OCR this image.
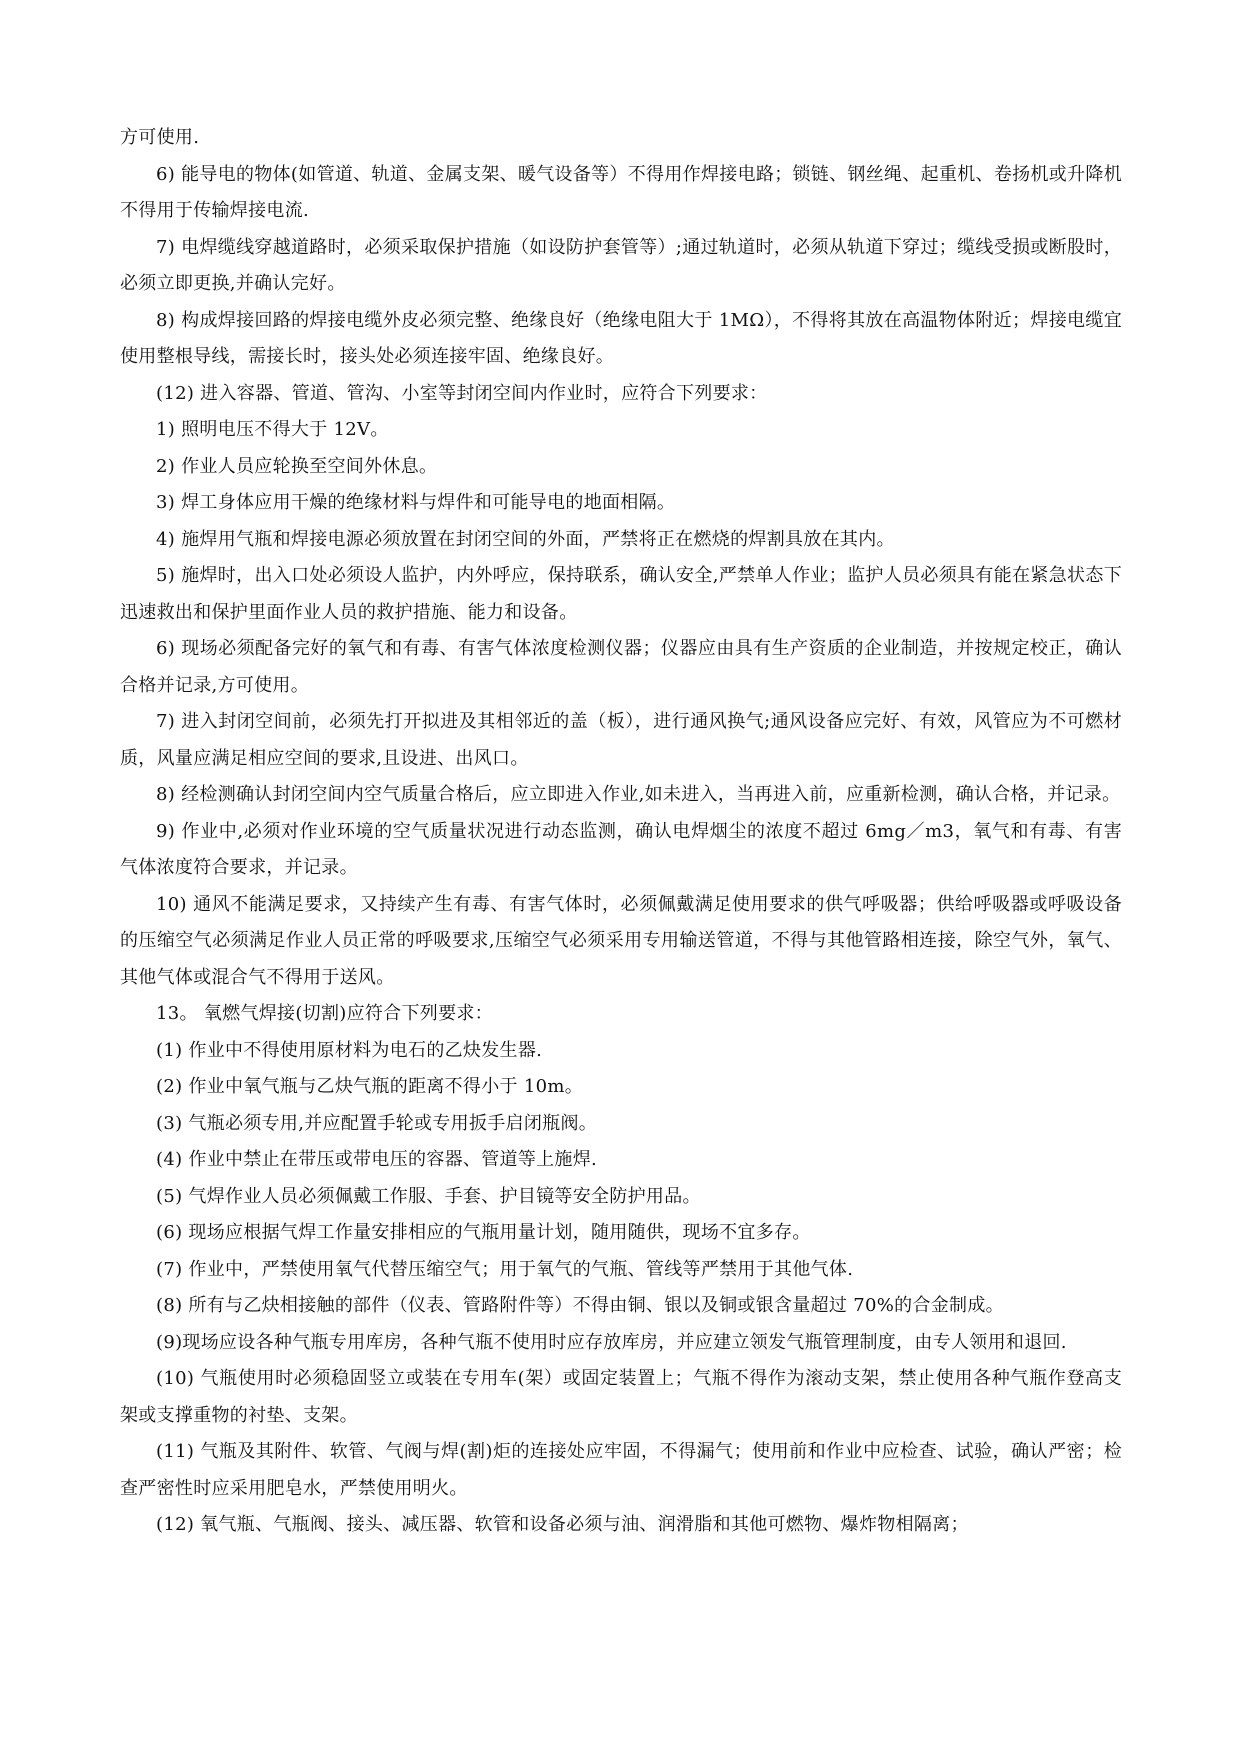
方可使用.

6) 能导电的物体(如管道、轨道、金属支架、暖气设备等）不得用作焊接电路；锁链、钢丝绳、起重机、卷扬机或升降机不得用于传输焊接电流.

7) 电焊缆线穿越道路时，必须采取保护措施（如设防护套管等）;通过轨道时，必须从轨道下穿过；缆线受损或断股时，必须立即更换,并确认完好。

8) 构成焊接回路的焊接电缆外皮必须完整、绝缘良好（绝缘电阻大于 1MΩ），不得将其放在高温物体附近；焊接电缆宜使用整根导线，需接长时，接头处必须连接牢固、绝缘良好。

(12) 进入容器、管道、管沟、小室等封闭空间内作业时，应符合下列要求：

1) 照明电压不得大于 12V。

2) 作业人员应轮换至空间外休息。

3) 焊工身体应用干燥的绝缘材料与焊件和可能导电的地面相隔。

4) 施焊用气瓶和焊接电源必须放置在封闭空间的外面，严禁将正在燃烧的焊割具放在其内。

5) 施焊时，出入口处必须设人监护，内外呼应，保持联系，确认安全,严禁单人作业；监护人员必须具有能在紧急状态下迅速救出和保护里面作业人员的救护措施、能力和设备。

6) 现场必须配备完好的氧气和有毒、有害气体浓度检测仪器；仪器应由具有生产资质的企业制造，并按规定校正，确认合格并记录,方可使用。

7) 进入封闭空间前，必须先打开拟进及其相邻近的盖（板），进行通风换气;通风设备应完好、有效，风管应为不可燃材质，风量应满足相应空间的要求,且设进、出风口。

8) 经检测确认封闭空间内空气质量合格后，应立即进入作业,如未进入，当再进入前，应重新检测，确认合格，并记录。

9) 作业中,必须对作业环境的空气质量状况进行动态监测，确认电焊烟尘的浓度不超过 6mg／m3，氧气和有毒、有害气体浓度符合要求，并记录。

10) 通风不能满足要求，又持续产生有毒、有害气体时，必须佩戴满足使用要求的供气呼吸器；供给呼吸器或呼吸设备的压缩空气必须满足作业人员正常的呼吸要求,压缩空气必须采用专用输送管道，不得与其他管路相连接，除空气外，氧气、其他气体或混合气不得用于送风。

13。 氧燃气焊接(切割)应符合下列要求：

(1) 作业中不得使用原材料为电石的乙炔发生器.

(2) 作业中氧气瓶与乙炔气瓶的距离不得小于 10m。

(3) 气瓶必须专用,并应配置手轮或专用扳手启闭瓶阀。

(4) 作业中禁止在带压或带电压的容器、管道等上施焊.

(5) 气焊作业人员必须佩戴工作服、手套、护目镜等安全防护用品。

(6) 现场应根据气焊工作量安排相应的气瓶用量计划，随用随供，现场不宜多存。

(7) 作业中，严禁使用氧气代替压缩空气；用于氧气的气瓶、管线等严禁用于其他气体.

(8) 所有与乙炔相接触的部件（仪表、管路附件等）不得由铜、银以及铜或银含量超过 70%的合金制成。

(9)现场应设各种气瓶专用库房，各种气瓶不使用时应存放库房，并应建立领发气瓶管理制度，由专人领用和退回.

(10) 气瓶使用时必须稳固竖立或装在专用车(架）或固定装置上；气瓶不得作为滚动支架，禁止使用各种气瓶作登高支架或支撑重物的衬垫、支架。

(11) 气瓶及其附件、软管、气阀与焊(割)炬的连接处应牢固，不得漏气；使用前和作业中应检查、试验，确认严密；检查严密性时应采用肥皂水，严禁使用明火。

(12) 氧气瓶、气瓶阀、接头、减压器、软管和设备必须与油、润滑脂和其他可燃物、爆炸物相隔离；
